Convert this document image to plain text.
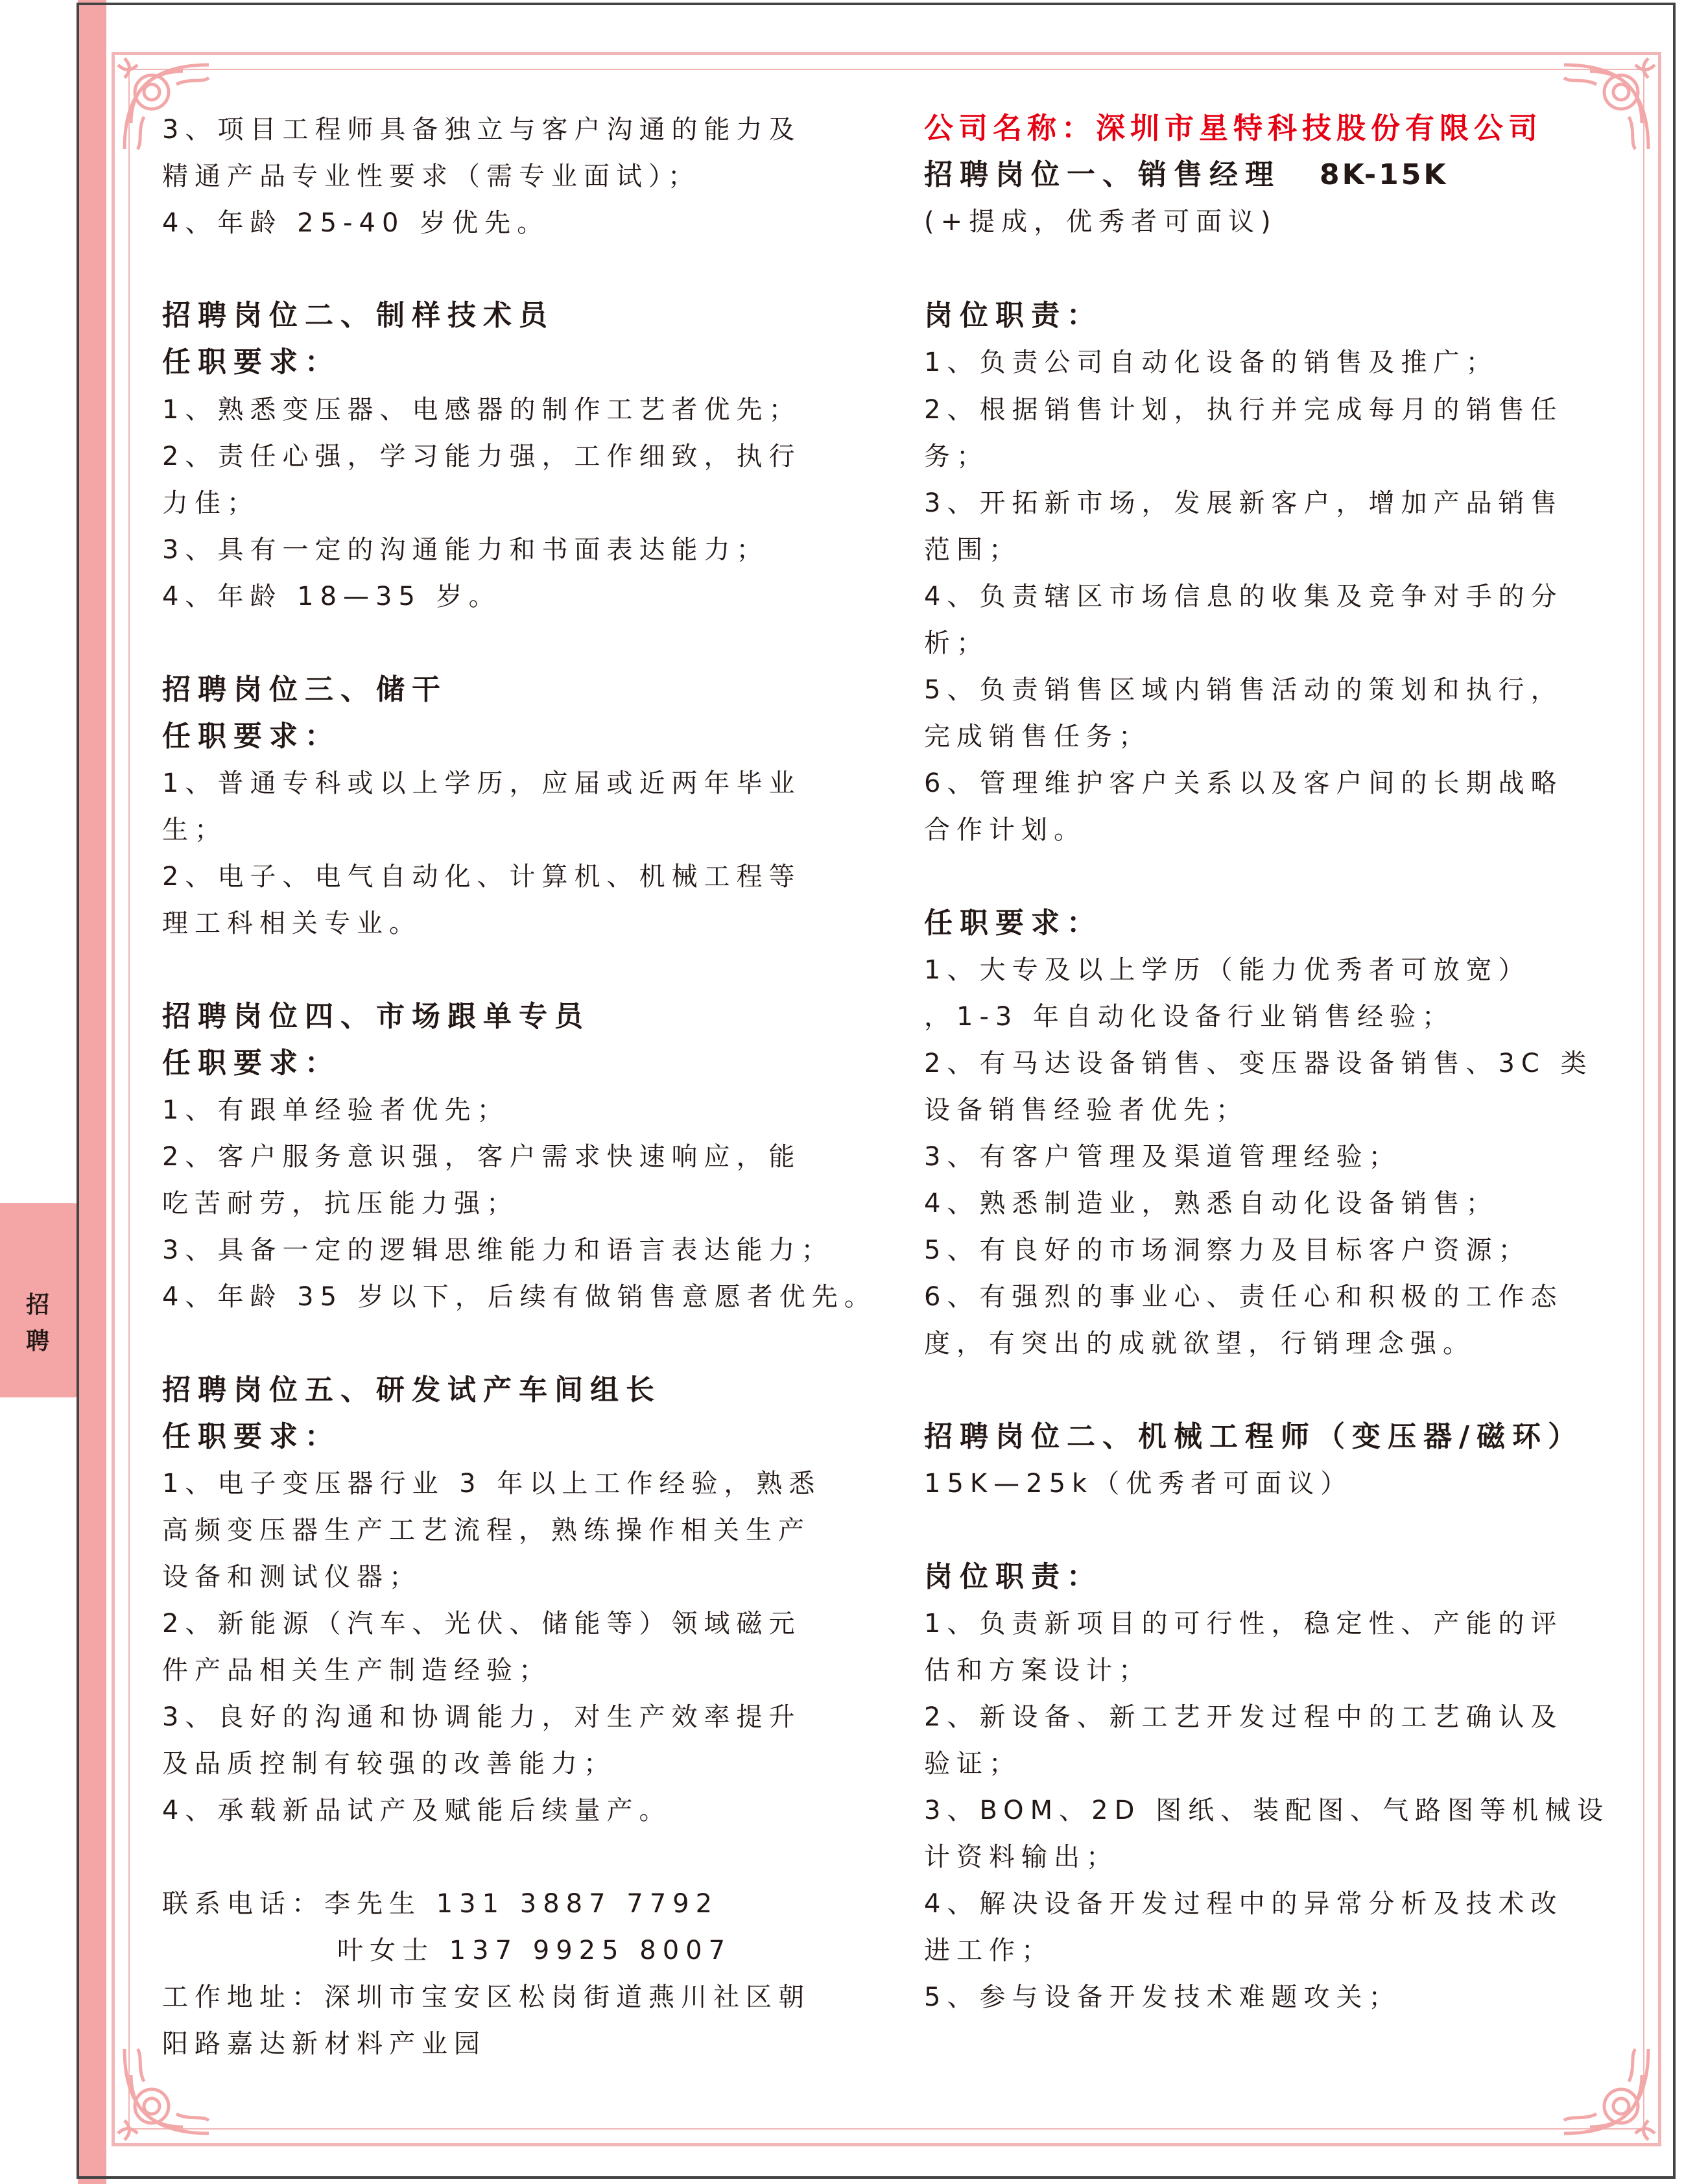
招聘
3、项目工程师具备独立与客户沟通的能力及
精通产品专业性要求（需专业面试）；
4、年龄 25-40 岁优先。
招聘岗位二、制样技术员
任职要求：
1、熟悉变压器、电感器的制作工艺者优先；
2、责任心强，学习能力强，工作细致，执行
力佳；
3、具有一定的沟通能力和书面表达能力；
4、年龄 18—35 岁。
招聘岗位三、储干
任职要求：
1、普通专科或以上学历，应届或近两年毕业
生；
2、电子、电气自动化、计算机、机械工程等
理工科相关专业。
招聘岗位四、市场跟单专员
任职要求：
1、有跟单经验者优先；
2、客户服务意识强，客户需求快速响应，能
吃苦耐劳，抗压能力强；
3、具备一定的逻辑思维能力和语言表达能力；
4、年龄 35 岁以下，后续有做销售意愿者优先。
招聘岗位五、研发试产车间组长
任职要求：
1、电子变压器行业 3 年以上工作经验，熟悉
高频变压器生产工艺流程，熟练操作相关生产
设备和测试仪器；
2、新能源（汽车、光伏、储能等）领域磁元
件产品相关生产制造经验；
3、良好的沟通和协调能力，对生产效率提升
及品质控制有较强的改善能力；
4、承载新品试产及赋能后续量产。
联系电话：李先生 131 3887 7792
叶女士 137 9925 8007
工作地址：深圳市宝安区松岗街道燕川社区朝
阳路嘉达新材料产业园
公司名称：深圳市星特科技股份有限公司
招聘岗位一、销售经理 8K-15K
(+提成，优秀者可面议)
岗位职责：
1、负责公司自动化设备的销售及推广；
2、根据销售计划，执行并完成每月的销售任
务；
3、开拓新市场，发展新客户，增加产品销售
范围；
4、负责辖区市场信息的收集及竞争对手的分
析；
5、负责销售区域内销售活动的策划和执行，
完成销售任务；
6、管理维护客户关系以及客户间的长期战略
合作计划。
任职要求：
1、大专及以上学历（能力优秀者可放宽）
，1-3 年自动化设备行业销售经验；
2、有马达设备销售、变压器设备销售、3C 类
设备销售经验者优先；
3、有客户管理及渠道管理经验；
4、熟悉制造业，熟悉自动化设备销售；
5、有良好的市场洞察力及目标客户资源；
6、有强烈的事业心、责任心和积极的工作态
度，有突出的成就欲望，行销理念强。
招聘岗位二、机械工程师（变压器/磁环）
15K—25k（优秀者可面议）
岗位职责：
1、负责新项目的可行性，稳定性、产能的评
估和方案设计；
2、新设备、新工艺开发过程中的工艺确认及
验证；
3、BOM、2D 图纸、装配图、气路图等机械设
计资料输出；
4、解决设备开发过程中的异常分析及技术改
进工作；
5、参与设备开发技术难题攻关；
